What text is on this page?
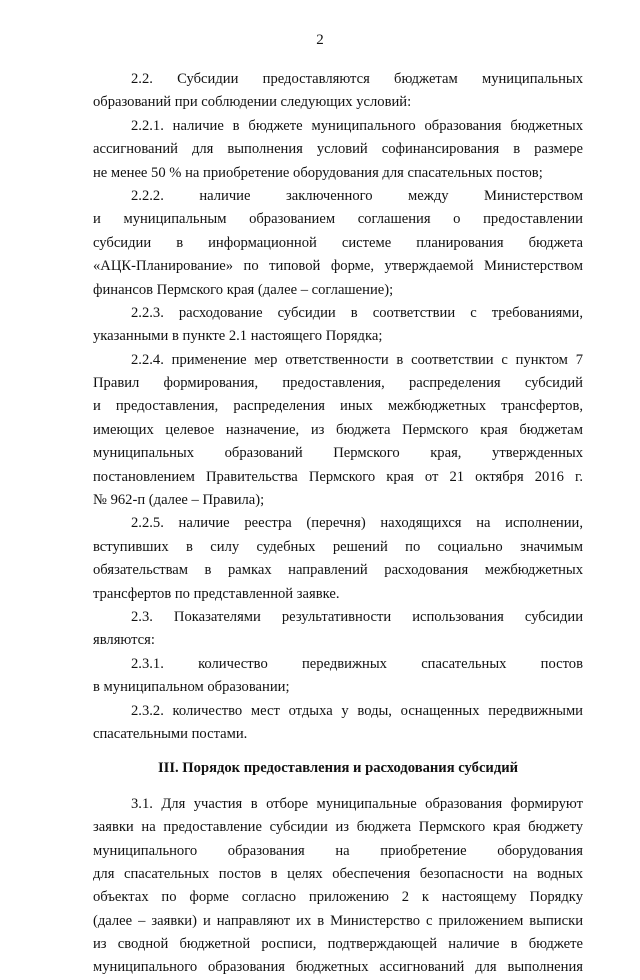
2
2.2. Субсидии предоставляются бюджетам муниципальных
образований при соблюдении следующих условий:
2.2.1. наличие в бюджете муниципального образования бюджетных
ассигнований для выполнения условий софинансирования в размере
не менее 50 % на приобретение оборудования для спасательных постов;
2.2.2. наличие заключенного между Министерством
и муниципальным образованием соглашения о предоставлении
субсидии в информационной системе планирования бюджета
«АЦК-Планирование» по типовой форме, утверждаемой Министерством
финансов Пермского края (далее – соглашение);
2.2.3. расходование субсидии в соответствии с требованиями,
указанными в пункте 2.1 настоящего Порядка;
2.2.4. применение мер ответственности в соответствии с пунктом 7
Правил формирования, предоставления, распределения субсидий
и предоставления, распределения иных межбюджетных трансфертов,
имеющих целевое назначение, из бюджета Пермского края бюджетам
муниципальных образований Пермского края, утвержденных
постановлением Правительства Пермского края от 21 октября 2016 г.
№ 962-п (далее – Правила);
2.2.5. наличие реестра (перечня) находящихся на исполнении,
вступивших в силу судебных решений по социально значимым
обязательствам в рамках направлений расходования межбюджетных
трансфертов по представленной заявке.
2.3. Показателями результативности использования субсидии
являются:
2.3.1. количество передвижных спасательных постов
в муниципальном образовании;
2.3.2. количество мест отдыха у воды, оснащенных передвижными
спасательными постами.
III. Порядок предоставления и расходования субсидий
3.1. Для участия в отборе муниципальные образования формируют
заявки на предоставление субсидии из бюджета Пермского края бюджету
муниципального образования на приобретение оборудования
для спасательных постов в целях обеспечения безопасности на водных
объектах по форме согласно приложению 2 к настоящему Порядку
(далее – заявки) и направляют их в Министерство с приложением выписки
из сводной бюджетной росписи, подтверждающей наличие в бюджете
муниципального образования бюджетных ассигнований для выполнения
